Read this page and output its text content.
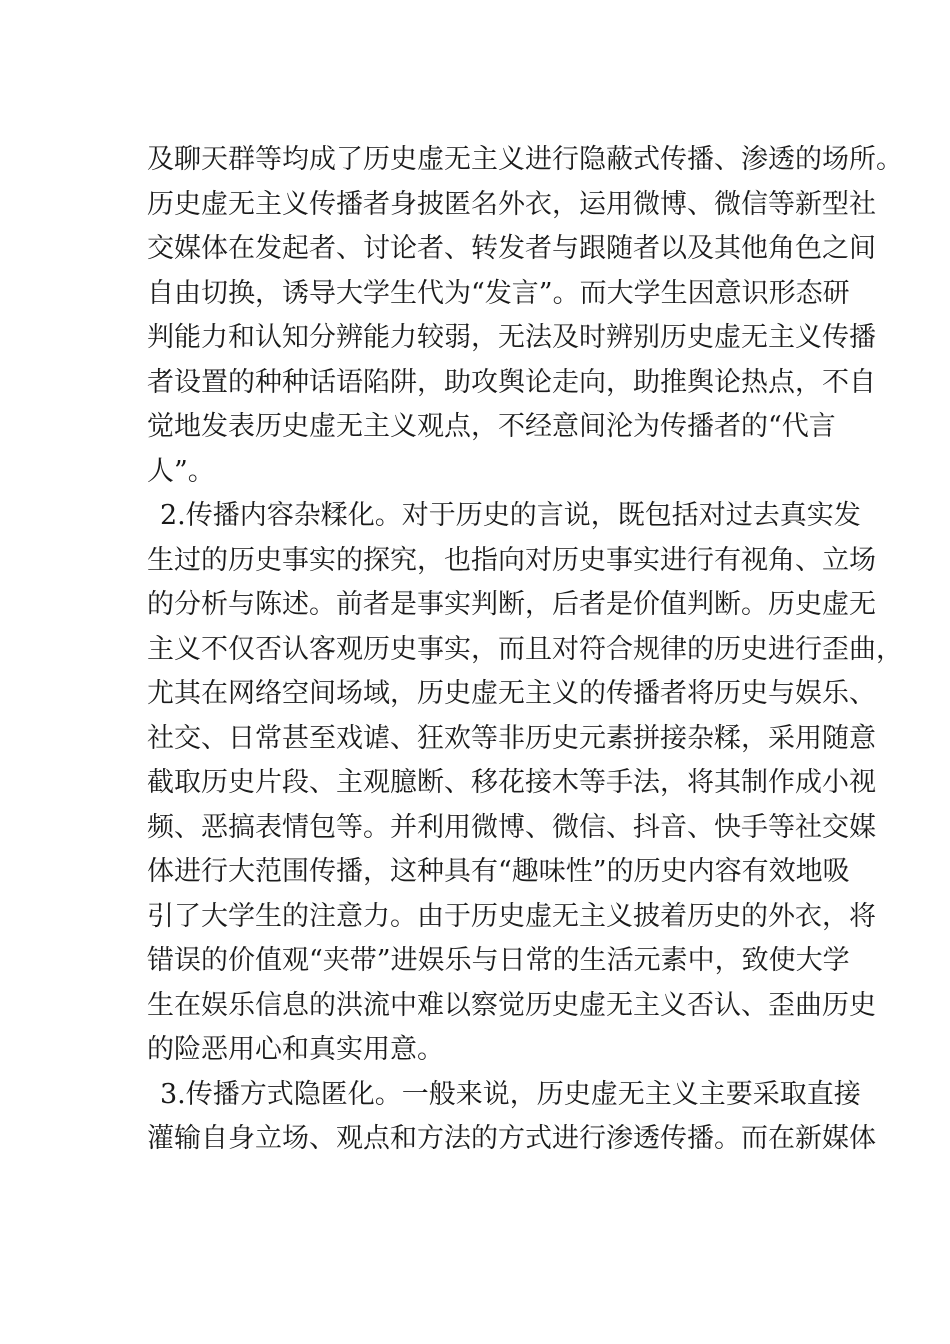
及聊天群等均成了历史虚无主义进行隐蔽式传播、渗透的场所。
历史虚无主义传播者身披匿名外衣，运用微博、微信等新型社
交媒体在发起者、讨论者、转发者与跟随者以及其他角色之间
自由切换，诱导大学生代为“发言”。而大学生因意识形态研
判能力和认知分辨能力较弱，无法及时辨别历史虚无主义传播
者设置的种种话语陷阱，助攻舆论走向，助推舆论热点，不自
觉地发表历史虚无主义观点，不经意间沦为传播者的“代言
人”。
2.传播内容杂糅化。对于历史的言说，既包括对过去真实发
生过的历史事实的探究，也指向对历史事实进行有视角、立场
的分析与陈述。前者是事实判断，后者是价值判断。历史虚无
主义不仅否认客观历史事实，而且对符合规律的历史进行歪曲，
尤其在网络空间场域，历史虚无主义的传播者将历史与娱乐、
社交、日常甚至戏谑、狂欢等非历史元素拼接杂糅，采用随意
截取历史片段、主观臆断、移花接木等手法，将其制作成小视
频、恶搞表情包等。并利用微博、微信、抖音、快手等社交媒
体进行大范围传播，这种具有“趣味性”的历史内容有效地吸
引了大学生的注意力。由于历史虚无主义披着历史的外衣，将
错误的价值观“夹带”进娱乐与日常的生活元素中，致使大学
生在娱乐信息的洪流中难以察觉历史虚无主义否认、歪曲历史
的险恶用心和真实用意。
3.传播方式隐匿化。一般来说，历史虚无主义主要采取直接
灌输自身立场、观点和方法的方式进行渗透传播。而在新媒体
